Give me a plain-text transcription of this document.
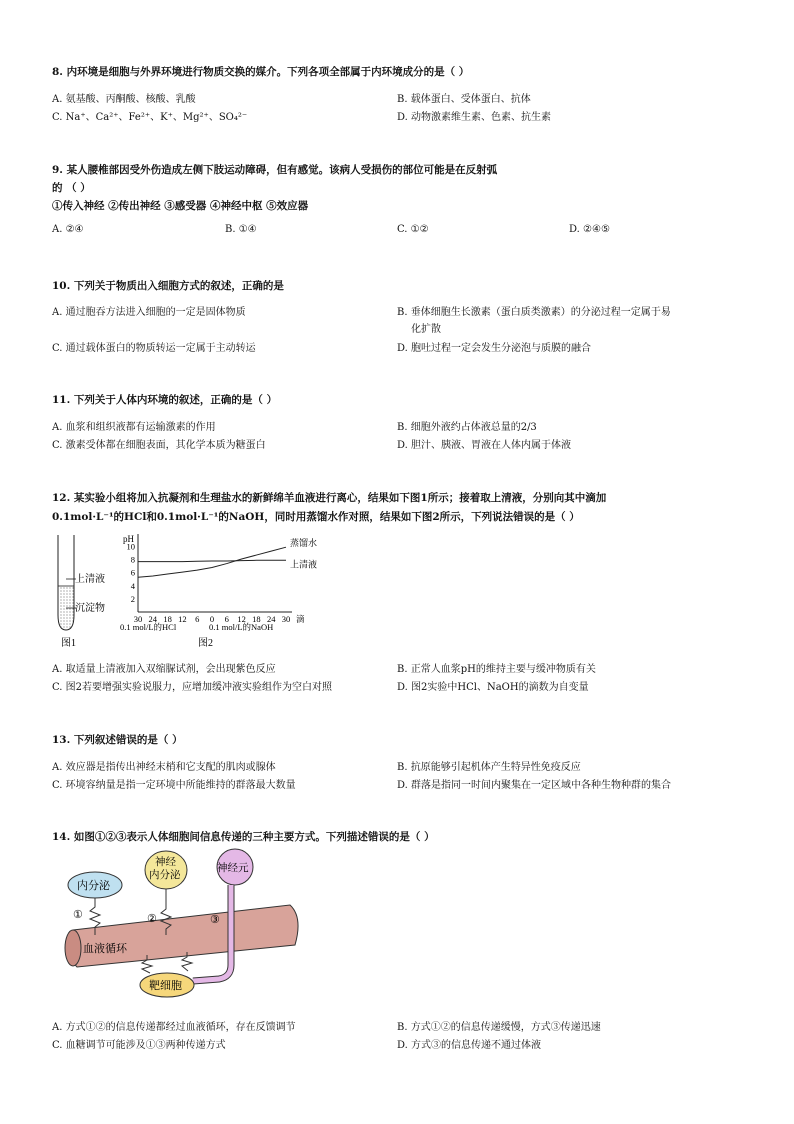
8. 内环境是细胞与外界环境进行物质交换的媒介。下列各项全部属于内环境成分的是（ ）
A. 氨基酸、丙酮酸、核酸、乳酸	B. 载体蛋白、受体蛋白、抗体
C. Na⁺、Ca²⁺、Fe²⁺、K⁺、Mg²⁺、SO₄²⁻	D. 动物激素维生素、色素、抗生素
9. 某人腰椎部因受外伤造成左侧下肢运动障碍，但有感觉。该病人受损伤的部位可能是在反射弧
的 （ ）
①传入神经 ②传出神经 ③感受器 ④神经中枢 ⑤效应器
A. ②④	B. ①④	C. ①②	D. ②④⑤
10. 下列关于物质出入细胞方式的叙述，正确的是
A. 通过胞吞方法进入细胞的一定是固体物质	B. 垂体细胞生长激素（蛋白质类激素）的分泌过程一定属于易
化扩散
C. 通过载体蛋白的物质转运一定属于主动转运	D. 胞吐过程一定会发生分泌泡与质膜的融合
11. 下列关于人体内环境的叙述，正确的是（ ）
A. 血浆和组织液都有运输激素的作用	B. 细胞外液约占体液总量的2/3
C. 激素受体都在细胞表面，其化学本质为糖蛋白	D. 胆汁、胰液、胃液在人体内属于体液
12. 某实验小组将加入抗凝剂和生理盐水的新鲜绵羊血液进行离心，结果如下图1所示；接着取上清液，分别向其中滴加
0.1mol·L⁻¹的HCl和0.1mol·L⁻¹的NaOH，同时用蒸馏水作对照，结果如下图2所示，下列说法错误的是（ ）
上清液
沉淀物
图1
pH
10
8
6
4
2
30 24 18 12 6 0 6 12 18 24 30 滴
蒸馏水
上清液
0.1 mol/L的HCl	0.1 mol/L的NaOH
图2
A. 取适量上清液加入双缩脲试剂，会出现紫色反应	B. 正常人血浆pH的维持主要与缓冲物质有关
C. 图2若要增强实验说服力，应增加缓冲液实验组作为空白对照	D. 图2实验中HCl、NaOH的滴数为自变量
13. 下列叙述错误的是（ ）
A. 效应器是指传出神经末梢和它支配的肌肉或腺体	B. 抗原能够引起机体产生特异性免疫反应
C. 环境容纳量是指一定环境中所能维持的群落最大数量	D. 群落是指同一时间内聚集在一定区域中各种生物种群的集合
14. 如图①②③表示人体细胞间信息传递的三种主要方式。下列描述错误的是（ ）
血液循环
内分泌
①
神经
内分泌
②
神经元
③
靶细胞
A. 方式①②的信息传递都经过血液循环，存在反馈调节	B. 方式①②的信息传递缓慢，方式③传递迅速
C. 血糖调节可能涉及①③两种传递方式	D. 方式③的信息传递不通过体液
